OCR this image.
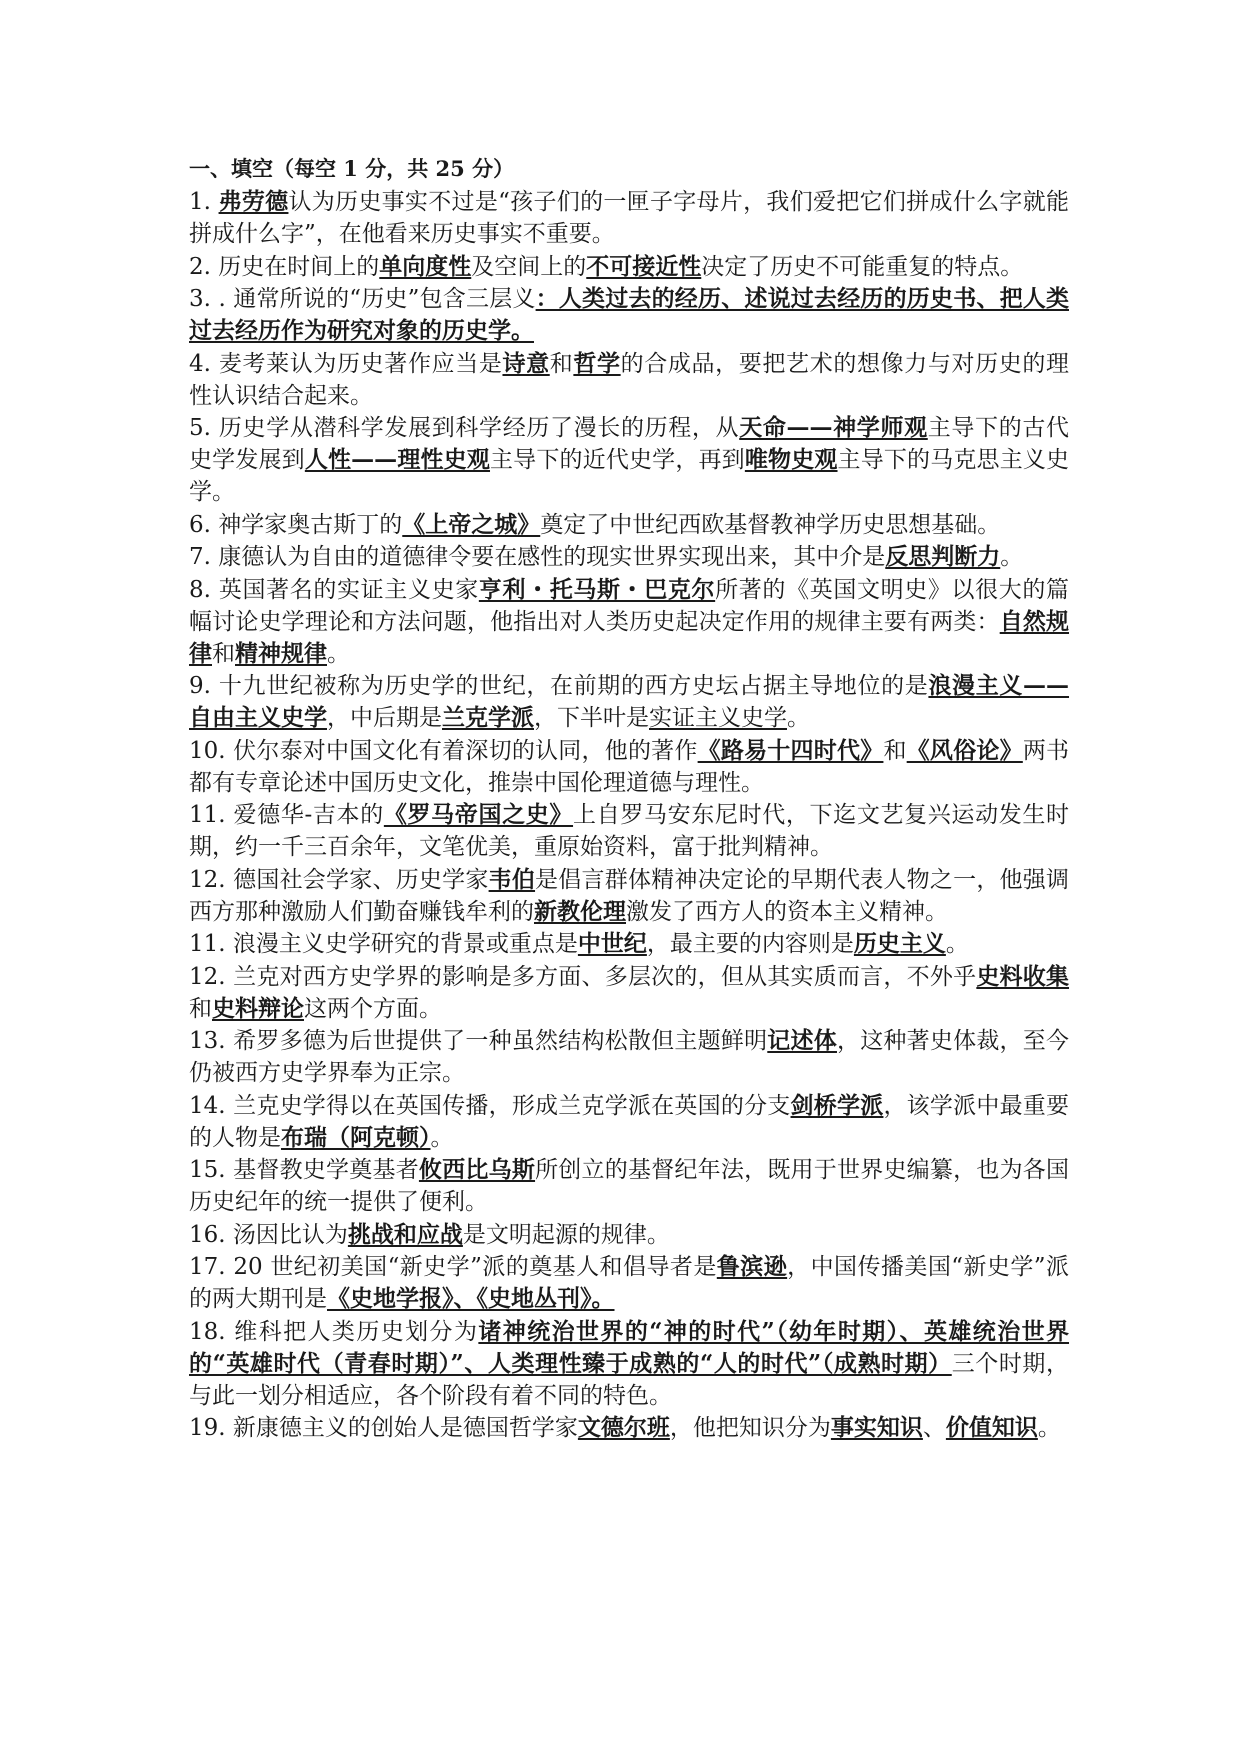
一、填空（每空 1 分，共 25 分）

1. 弗劳德认为历史事实不过是“孩子们的一匣子字母片，我们爱把它们拼成什么字就能拼成什么字”，在他看来历史事实不重要。

2. 历史在时间上的单向度性及空间上的不可接近性决定了历史不可能重复的特点。

3. . 通常所说的“历史”包含三层义：人类过去的经历、述说过去经历的历史书、把人类过去经历作为研究对象的历史学。

4. 麦考莱认为历史著作应当是诗意和哲学的合成品，要把艺术的想像力与对历史的理性认识结合起来。

5. 历史学从潜科学发展到科学经历了漫长的历程，从天命——神学师观主导下的古代史学发展到人性——理性史观主导下的近代史学，再到唯物史观主导下的马克思主义史学。

6. 神学家奥古斯丁的《上帝之城》奠定了中世纪西欧基督教神学历史思想基础。

7. 康德认为自由的道德律令要在感性的现实世界实现出来，其中介是反思判断力。

8. 英国著名的实证主义史家亨利・托马斯・巴克尔所著的《英国文明史》以很大的篇幅讨论史学理论和方法问题，他指出对人类历史起决定作用的规律主要有两类：自然规律和精神规律。

9. 十九世纪被称为历史学的世纪，在前期的西方史坛占据主导地位的是浪漫主义——自由主义史学，中后期是兰克学派，下半叶是实证主义史学。

10. 伏尔泰对中国文化有着深切的认同，他的著作《路易十四时代》和《风俗论》两书都有专章论述中国历史文化，推崇中国伦理道德与理性。

11. 爱德华-吉本的《罗马帝国之史》上自罗马安东尼时代，下迄文艺复兴运动发生时期，约一千三百余年，文笔优美，重原始资料，富于批判精神。

12. 德国社会学家、历史学家韦伯是倡言群体精神决定论的早期代表人物之一，他强调西方那种激励人们勤奋赚钱牟利的新教伦理激发了西方人的资本主义精神。

11. 浪漫主义史学研究的背景或重点是中世纪，最主要的内容则是历史主义。

12. 兰克对西方史学界的影响是多方面、多层次的，但从其实质而言，不外乎史料收集和史料辩论这两个方面。

13. 希罗多德为后世提供了一种虽然结构松散但主题鲜明记述体，这种著史体裁，至今仍被西方史学界奉为正宗。

14. 兰克史学得以在英国传播，形成兰克学派在英国的分支剑桥学派，该学派中最重要的人物是布瑞（阿克顿）。

15. 基督教史学奠基者攸西比乌斯所创立的基督纪年法，既用于世界史编纂，也为各国历史纪年的统一提供了便利。

16. 汤因比认为挑战和应战是文明起源的规律。

17. 20 世纪初美国“新史学”派的奠基人和倡导者是鲁滨逊，中国传播美国“新史学”派的两大期刊是《史地学报》、《史地丛刊》。

18. 维科把人类历史划分为诸神统治世界的“神的时代”（幼年时期）、英雄统治世界的“英雄时代（青春时期）”、人类理性臻于成熟的“人的时代”（成熟时期）三个时期，与此一划分相适应，各个阶段有着不同的特色。

19. 新康德主义的创始人是德国哲学家文德尔班，他把知识分为事实知识、价值知识。
